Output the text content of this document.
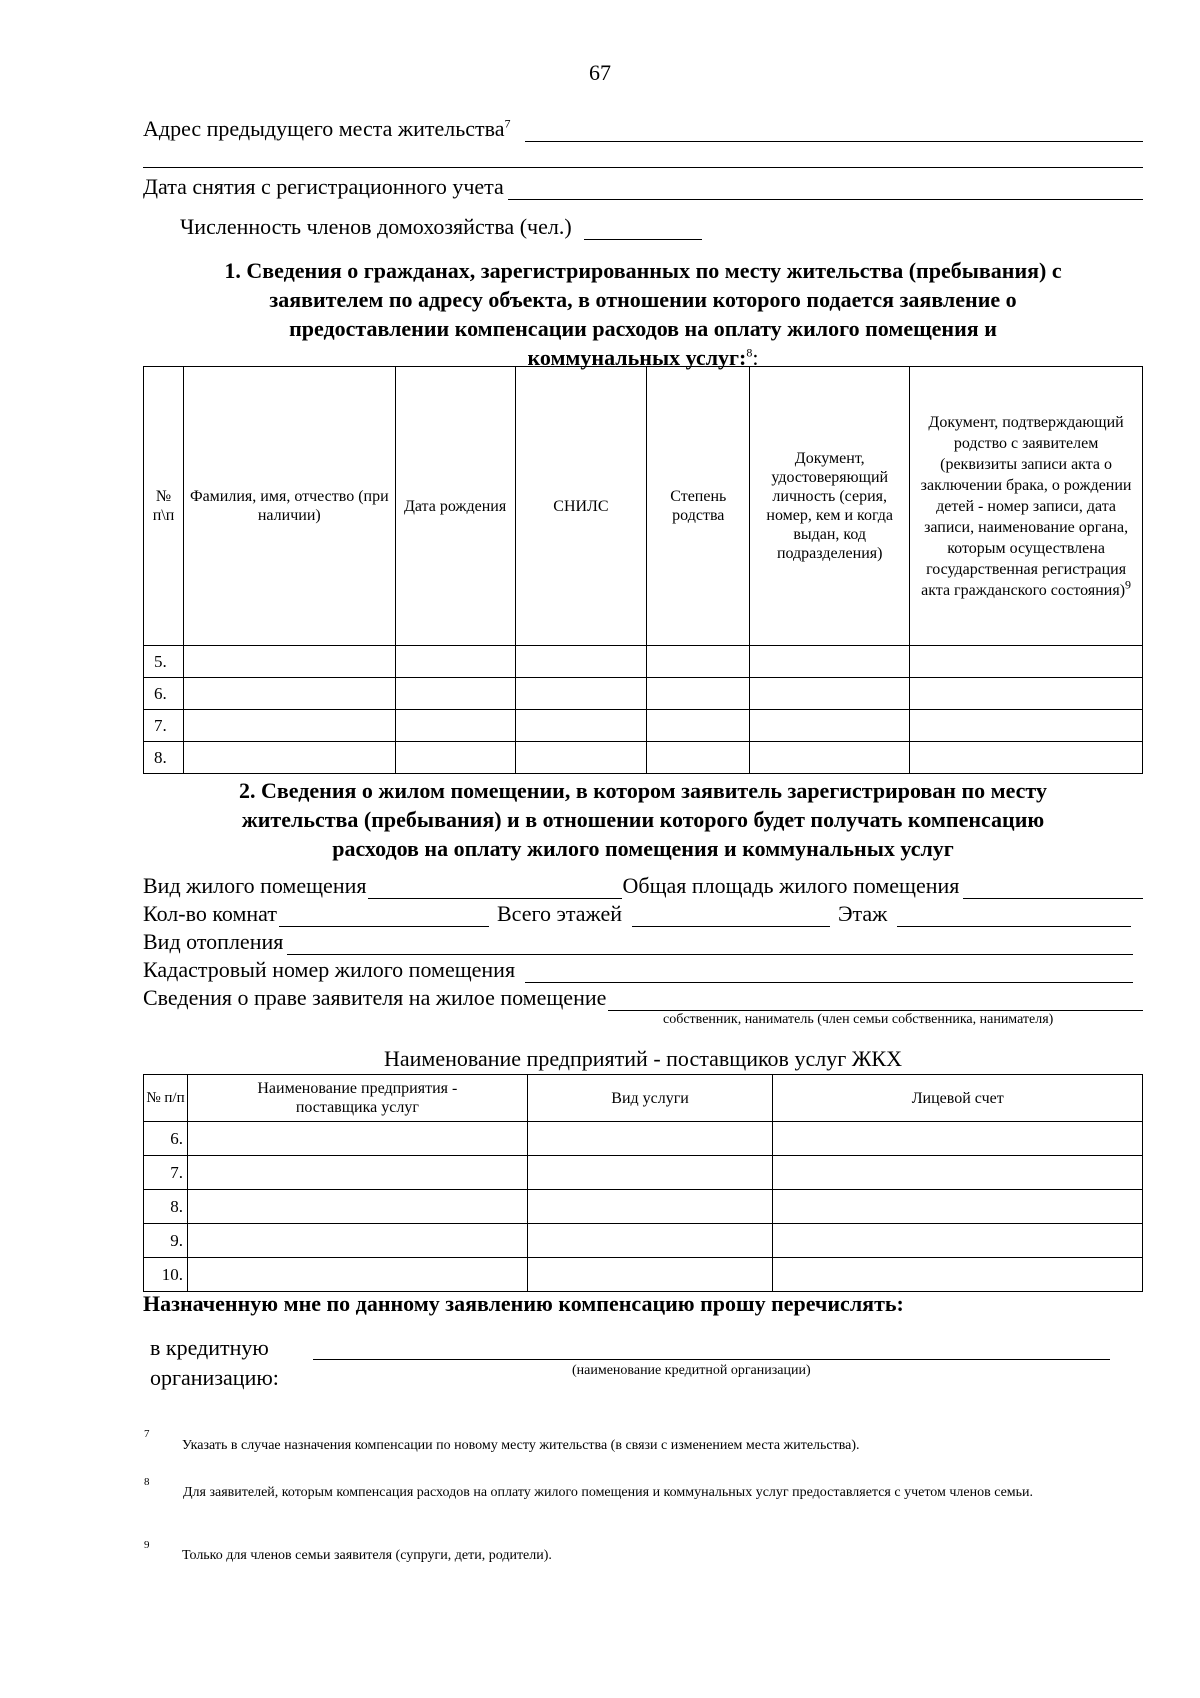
67
Адрес предыдущего места жительства$^7$
Дата снятия с регистрационного учета
Численность членов домохозяйства (чел.)
1. Сведения о гражданах, зарегистрированных по месту жительства (пребывания) с
заявителем по адресу объекта, в отношении которого подается заявление о
предоставлении компенсации расходов на оплату жилого помещения и
коммунальных услуг:$^8$:
№ п\п	Фамилия, имя, отчество (при наличии)	Дата рождения	СНИЛС	Степень родства	Документ, удостоверяющий личность (серия, номер, кем и когда выдан, код подразделения)	Документ, подтверждающий родство с заявителем (реквизиты записи акта о заключении брака, о рождении детей - номер записи, дата записи, наименование органа, которым осуществлена государственная регистрация акта гражданского состояния)$^9$
5.						
6.						
7.						
8.						
2. Сведения о жилом помещении, в котором заявитель зарегистрирован по месту
жительства (пребывания) и в отношении которого будет получать компенсацию
расходов на оплату жилого помещения и коммунальных услуг
Вид жилого помещения	Общая площадь жилого помещения
Кол-во комнат	Всего этажей	Этаж
Вид отопления
Кадастровый номер жилого помещения
Сведения о праве заявителя на жилое помещение
собственник, наниматель (член семьи собственника, нанимателя)
Наименование предприятий - поставщиков услуг ЖКХ
№ п/п	Наименование предприятия - поставщика услуг	Вид услуги	Лицевой счет
6.			
7.			
8.			
9.			
10.			
Назначенную мне по данному заявлению компенсацию прошу перечислять:
в кредитную
организацию:	(наименование кредитной организации)
7
Указать в случае назначения компенсации по новому месту жительства (в связи с изменением места жительства).
8
Для заявителей, которым компенсация расходов на оплату жилого помещения и коммунальных услуг предоставляется с учетом членов семьи.
9
Только для членов семьи заявителя (супруги, дети, родители).
